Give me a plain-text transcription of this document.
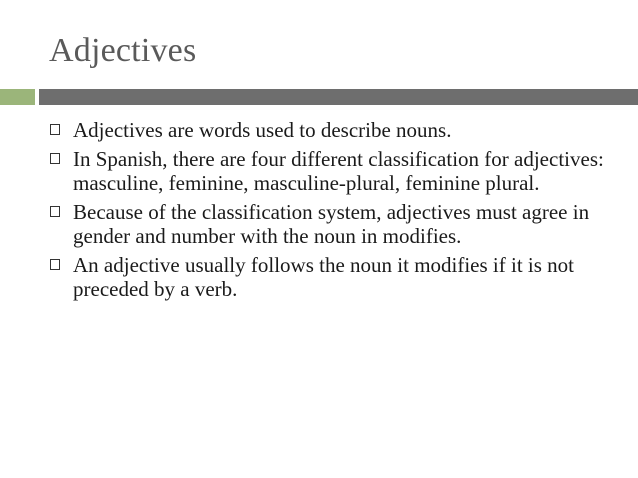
Adjectives
Adjectives are words used to describe nouns.
In Spanish, there are four different classification for adjectives: masculine, feminine, masculine-plural, feminine plural.
Because of the classification system, adjectives must agree in gender and number with the noun in modifies.
An adjective usually follows the noun it modifies if it is not preceded by a verb.
